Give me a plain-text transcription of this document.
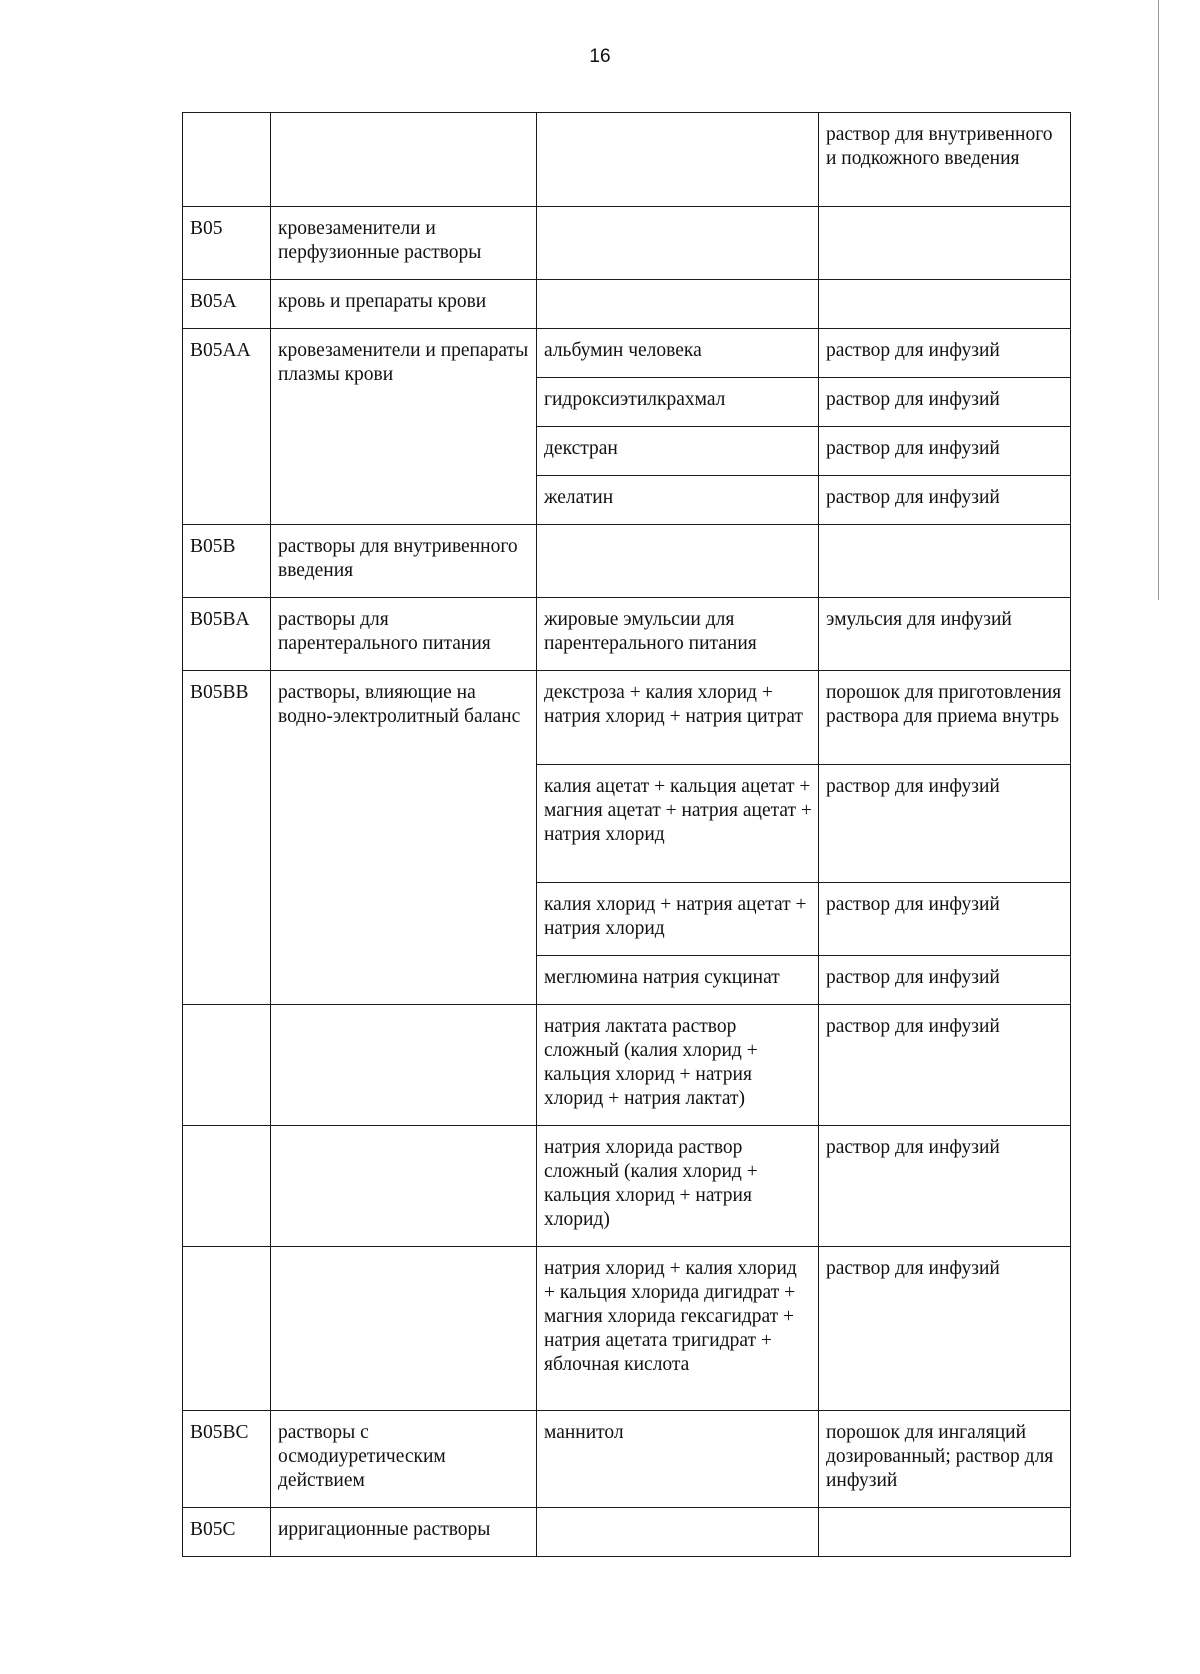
16
			раствор для внутривенного и подкожного введения
B05	кровезаменители и перфузионные растворы		
B05A	кровь и препараты крови		
B05AA	кровезаменители и препараты плазмы крови	альбумин человека	раствор для инфузий
		гидроксиэтилкрахмал	раствор для инфузий
		декстран	раствор для инфузий
		желатин	раствор для инфузий
B05B	растворы для внутривенного введения		
B05BA	растворы для парентерального питания	жировые эмульсии для парентерального питания	эмульсия для инфузий
B05BB	растворы, влияющие на водно-электролитный баланс	декстроза + калия хлорид + натрия хлорид + натрия цитрат	порошок для приготовления раствора для приема внутрь
		калия ацетат + кальция ацетат + магния ацетат + натрия ацетат + натрия хлорид	раствор для инфузий
		калия хлорид + натрия ацетат + натрия хлорид	раствор для инфузий
		меглюмина натрия сукцинат	раствор для инфузий
		натрия лактата раствор сложный (калия хлорид + кальция хлорид + натрия хлорид + натрия лактат)	раствор для инфузий
		натрия хлорида раствор сложный (калия хлорид + кальция хлорид + натрия хлорид)	раствор для инфузий
		натрия хлорид + калия хлорид + кальция хлорида дигидрат + магния хлорида гексагидрат + натрия ацетата тригидрат + яблочная кислота	раствор для инфузий
B05BC	растворы с осмодиуретическим действием	маннитол	порошок для ингаляций дозированный; раствор для инфузий
B05C	ирригационные растворы		
